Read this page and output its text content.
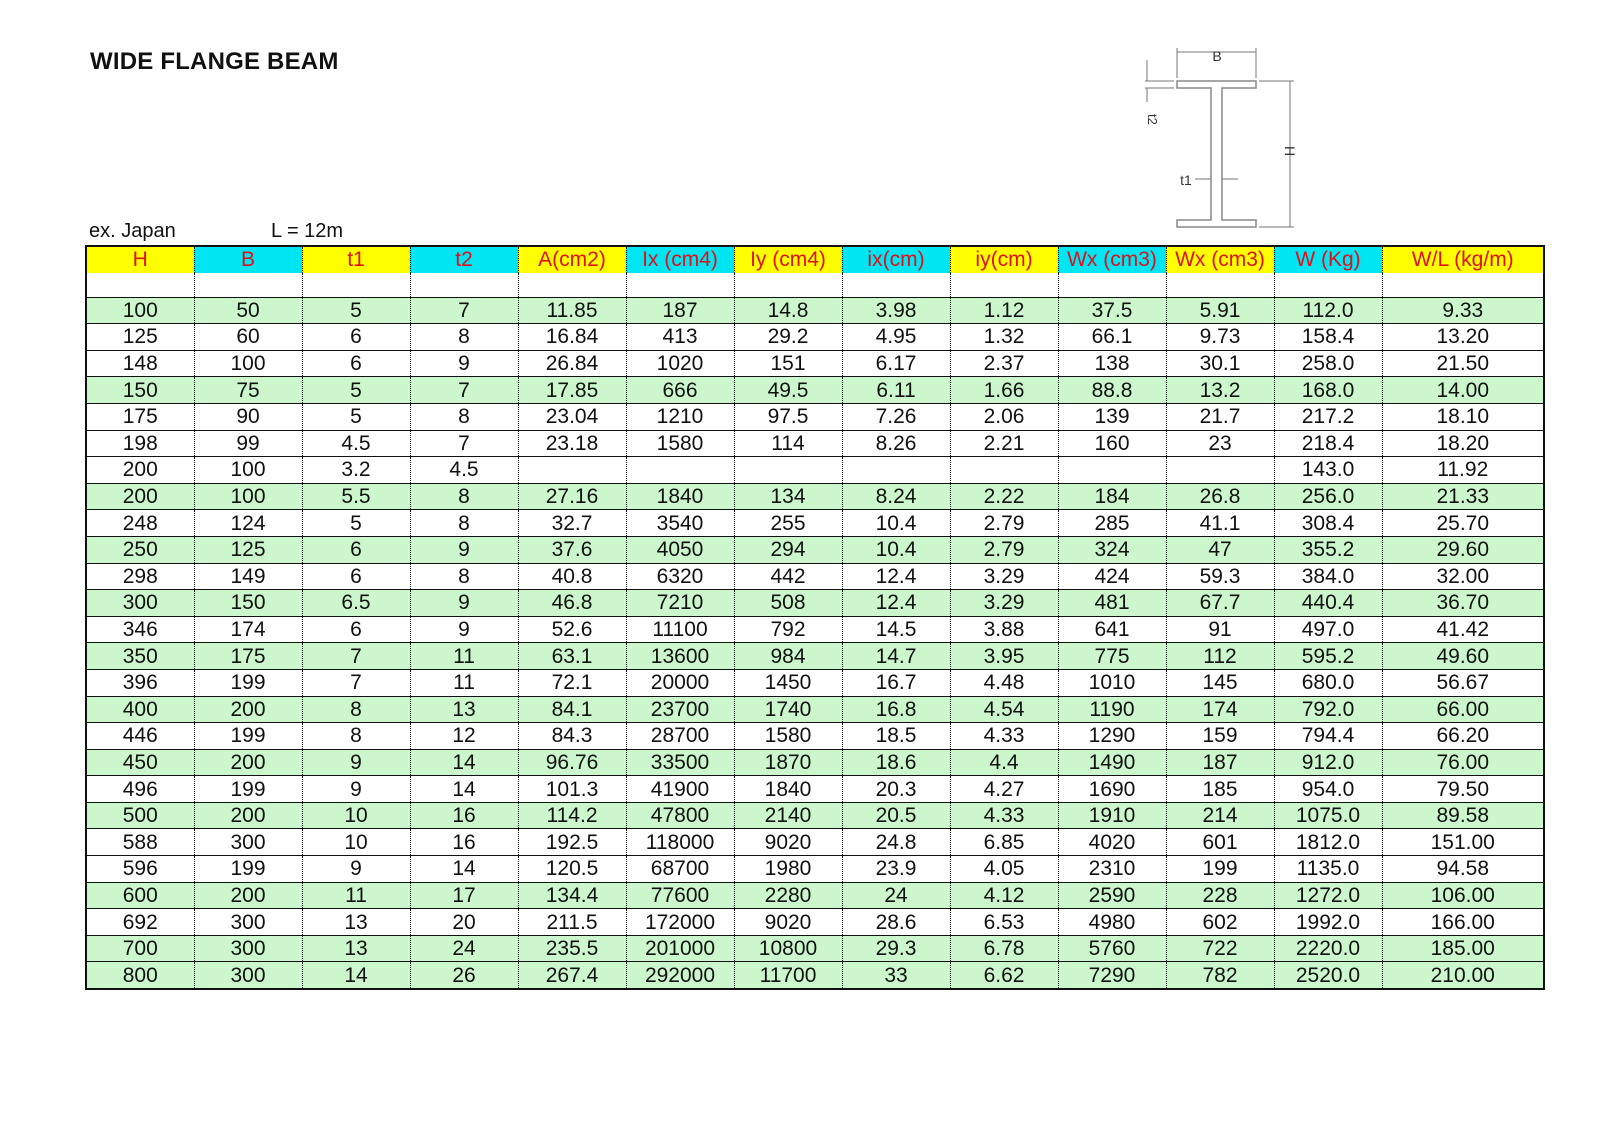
WIDE FLANGE BEAM
ex. Japan	L = 12m
B
t2
H
t1
H	B	t1	t2	A(cm2)	Ix (cm4)	Iy (cm4)	ix(cm)	iy(cm)	Wx (cm3)	Wx (cm3)	W (Kg)	W/L (kg/m)

100	50	5	7	11.85	187	14.8	3.98	1.12	37.5	5.91	112.0	9.33
125	60	6	8	16.84	413	29.2	4.95	1.32	66.1	9.73	158.4	13.20
148	100	6	9	26.84	1020	151	6.17	2.37	138	30.1	258.0	21.50
150	75	5	7	17.85	666	49.5	6.11	1.66	88.8	13.2	168.0	14.00
175	90	5	8	23.04	1210	97.5	7.26	2.06	139	21.7	217.2	18.10
198	99	4.5	7	23.18	1580	114	8.26	2.21	160	23	218.4	18.20
200	100	3.2	4.5								143.0	11.92
200	100	5.5	8	27.16	1840	134	8.24	2.22	184	26.8	256.0	21.33
248	124	5	8	32.7	3540	255	10.4	2.79	285	41.1	308.4	25.70
250	125	6	9	37.6	4050	294	10.4	2.79	324	47	355.2	29.60
298	149	6	8	40.8	6320	442	12.4	3.29	424	59.3	384.0	32.00
300	150	6.5	9	46.8	7210	508	12.4	3.29	481	67.7	440.4	36.70
346	174	6	9	52.6	11100	792	14.5	3.88	641	91	497.0	41.42
350	175	7	11	63.1	13600	984	14.7	3.95	775	112	595.2	49.60
396	199	7	11	72.1	20000	1450	16.7	4.48	1010	145	680.0	56.67
400	200	8	13	84.1	23700	1740	16.8	4.54	1190	174	792.0	66.00
446	199	8	12	84.3	28700	1580	18.5	4.33	1290	159	794.4	66.20
450	200	9	14	96.76	33500	1870	18.6	4.4	1490	187	912.0	76.00
496	199	9	14	101.3	41900	1840	20.3	4.27	1690	185	954.0	79.50
500	200	10	16	114.2	47800	2140	20.5	4.33	1910	214	1075.0	89.58
588	300	10	16	192.5	118000	9020	24.8	6.85	4020	601	1812.0	151.00
596	199	9	14	120.5	68700	1980	23.9	4.05	2310	199	1135.0	94.58
600	200	11	17	134.4	77600	2280	24	4.12	2590	228	1272.0	106.00
692	300	13	20	211.5	172000	9020	28.6	6.53	4980	602	1992.0	166.00
700	300	13	24	235.5	201000	10800	29.3	6.78	5760	722	2220.0	185.00
800	300	14	26	267.4	292000	11700	33	6.62	7290	782	2520.0	210.00
